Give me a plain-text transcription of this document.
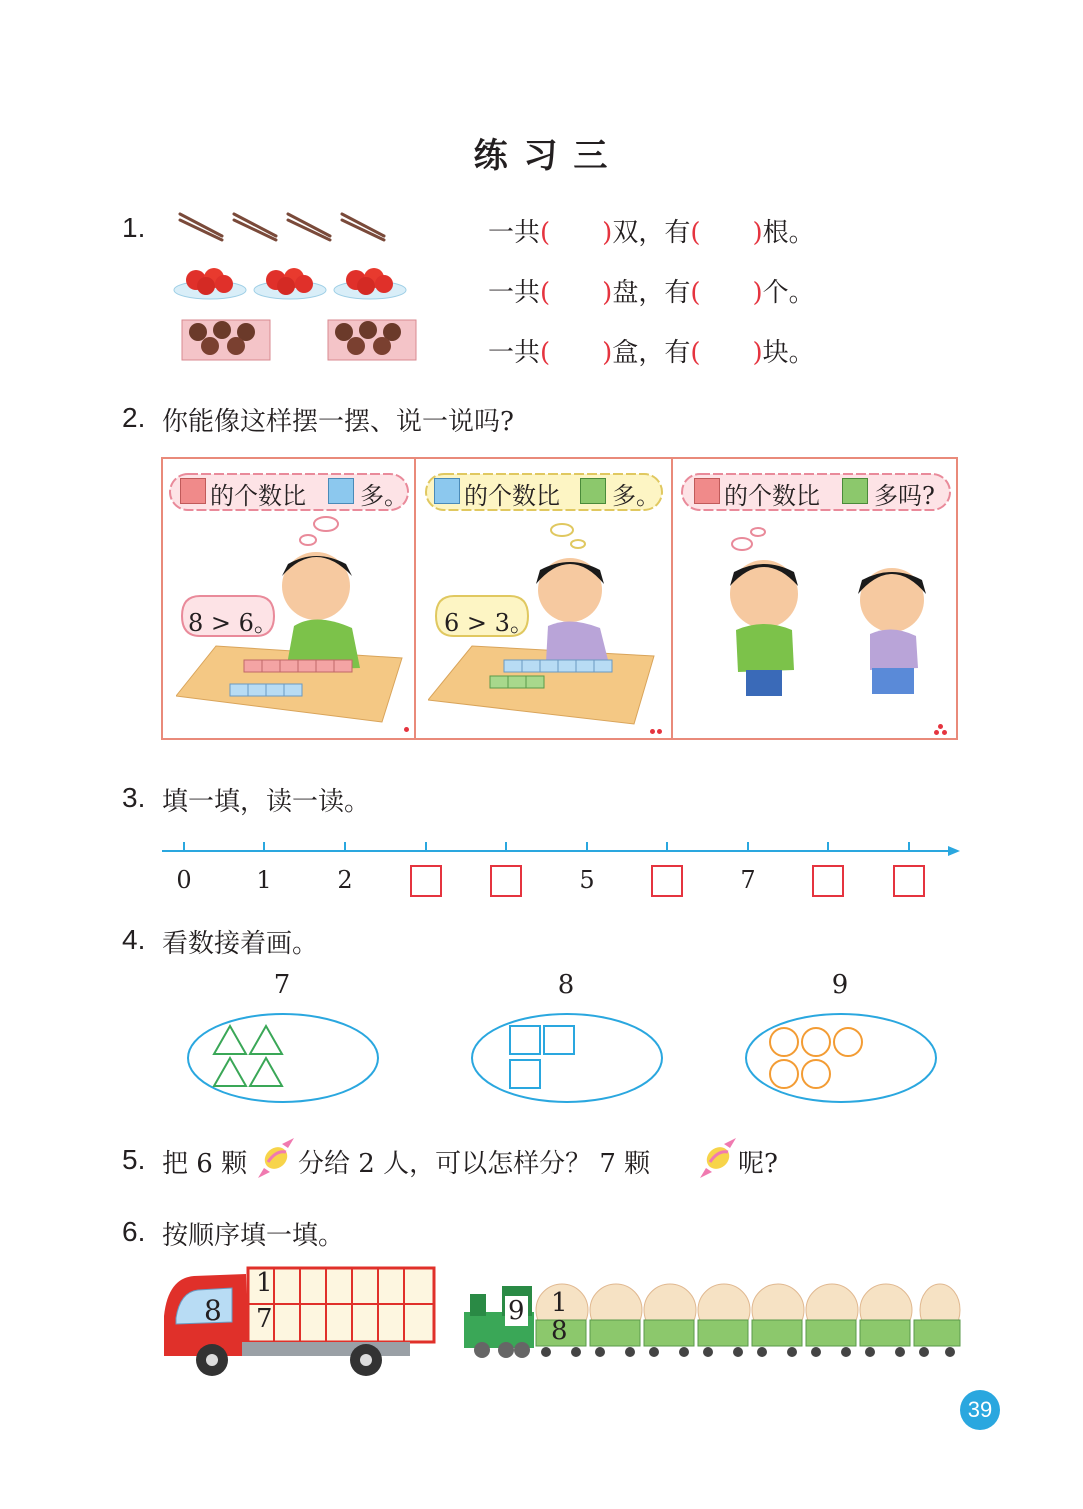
练 习 三
1.	一共( )双，有( )根。
一共( )盘，有( )个。
一共( )盒，有( )块。
2. 你能像这样摆一摆、说一说吗?
的个数比 多。
8 > 6。
的个数比 多。
6 > 3。
的个数比 多吗?
3. 填一填，读一读。
0	1	2	5	7
4. 看数接着画。
7	8	9
5. 把 6 颗 分给 2 人，可以怎样分？ 7 颗	呢?
6. 按顺序填一填。
8
1
7	9 1
8
39
